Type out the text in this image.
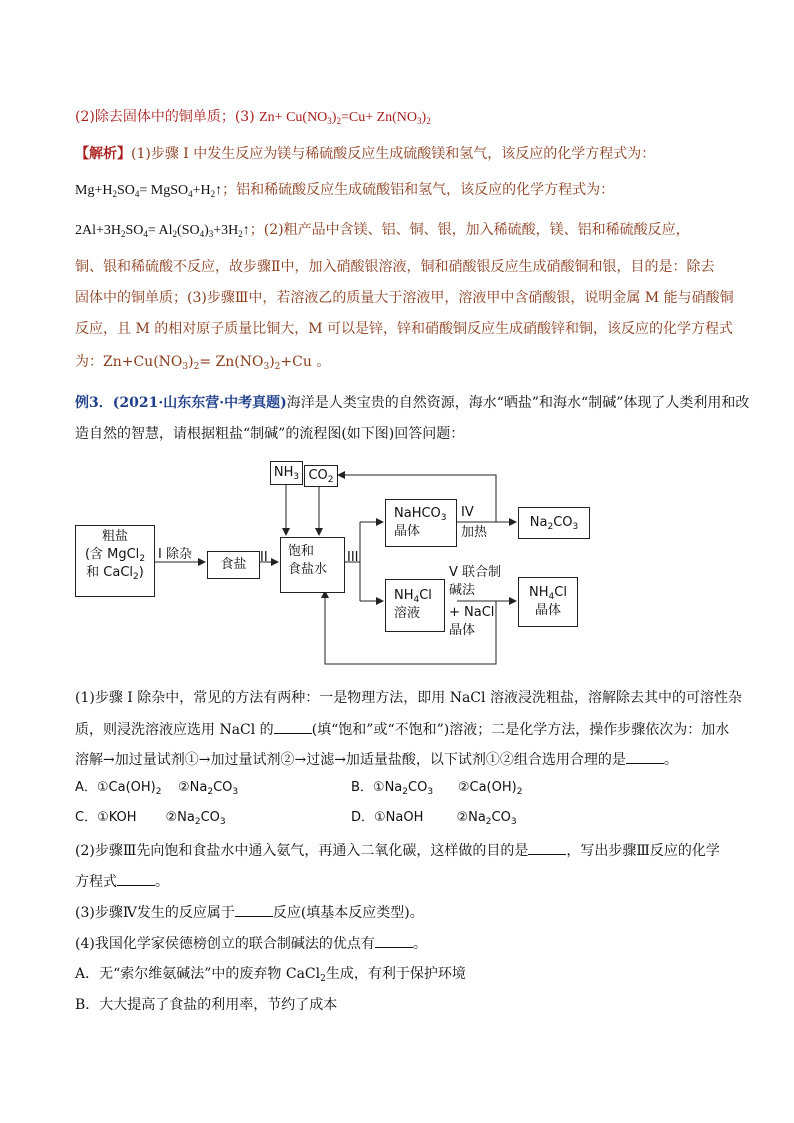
(2)除去固体中的铜单质；(3) $Zn+ Cu(NO_3)_2=Cu+ Zn(NO_3)_2$
【解析】(1)步骤 I 中发生反应为镁与稀硫酸反应生成硫酸镁和氢气，该反应的化学方程式为：
$Mg+H_2SO_4=$ $MgSO_4+H_2↑$；铝和稀硫酸反应生成硫酸铝和氢气，该反应的化学方程式为：
$2Al+3H_2SO_4=$ $Al_2(SO_4)_3+3H_2↑$；(2)粗产品中含镁、铝、铜、银，加入稀硫酸，镁、铝和稀硫酸反应，
铜、银和稀硫酸不反应，故步骤Ⅱ中，加入硝酸银溶液，铜和硝酸银反应生成硝酸铜和银，目的是：除去
固体中的铜单质；(3)步骤Ⅲ中，若溶液乙的质量大于溶液甲，溶液甲中含硝酸银，说明金属 M 能与硝酸铜
反应，且 M 的相对原子质量比铜大，M 可以是锌，锌和硝酸铜反应生成硝酸锌和铜，该反应的化学方程式
为：$Zn+Cu(NO_3)_2= Zn(NO_3)_2+Cu$ 。
例3．(2021·山东东营·中考真题)海洋是人类宝贵的自然资源，海水“晒盐”和海水“制碱”体现了人类利用和改
造自然的智慧，请根据粗盐“制碱”的流程图(如下图)回答问题：
粗盐
(含 MgCl$_2$
和 CaCl$_2$)
I 除杂
食盐	II
$NH_3$ $CO_2$
饱和
食盐水
III
NaHCO$_3$
晶体
IV
加热
$Na_2CO_3$
$NH_4Cl$
溶液
V 联合制
碱法
+ NaCl
晶体
$NH_4Cl$
晶体
(1)步骤 I 除杂中，常见的方法有两种：一是物理方法，即用 NaCl 溶液浸洗粗盐，溶解除去其中的可溶性杂
质，则浸洗溶液应选用 NaCl 的	(填“饱和”或“不饱和”)溶液；二是化学方法，操作步骤依次为：加水
溶解→加过量试剂①→加过量试剂②→过滤→加适量盐酸，以下试剂①②组合选用合理的是	。
A．$①Ca(OH)_2$ $②Na_2CO_3$	B．$①Na_2CO_3$ $②Ca(OH)_2$
C．①KOH $②Na_2CO_3$	D．①NaOH	$②Na_2CO_3$
(2)步骤Ⅲ先向饱和食盐水中通入氨气，再通入二氧化碳，这样做的目的是	，写出步骤Ⅲ反应的化学
方程式	。
(3)步骤Ⅳ发生的反应属于	反应(填基本反应类型)。
(4)我国化学家侯德榜创立的联合制碱法的优点有	。
A．无“索尔维氨碱法”中的废弃物 CaCl$_2$生成，有利于保护环境
B．大大提高了食盐的利用率，节约了成本
